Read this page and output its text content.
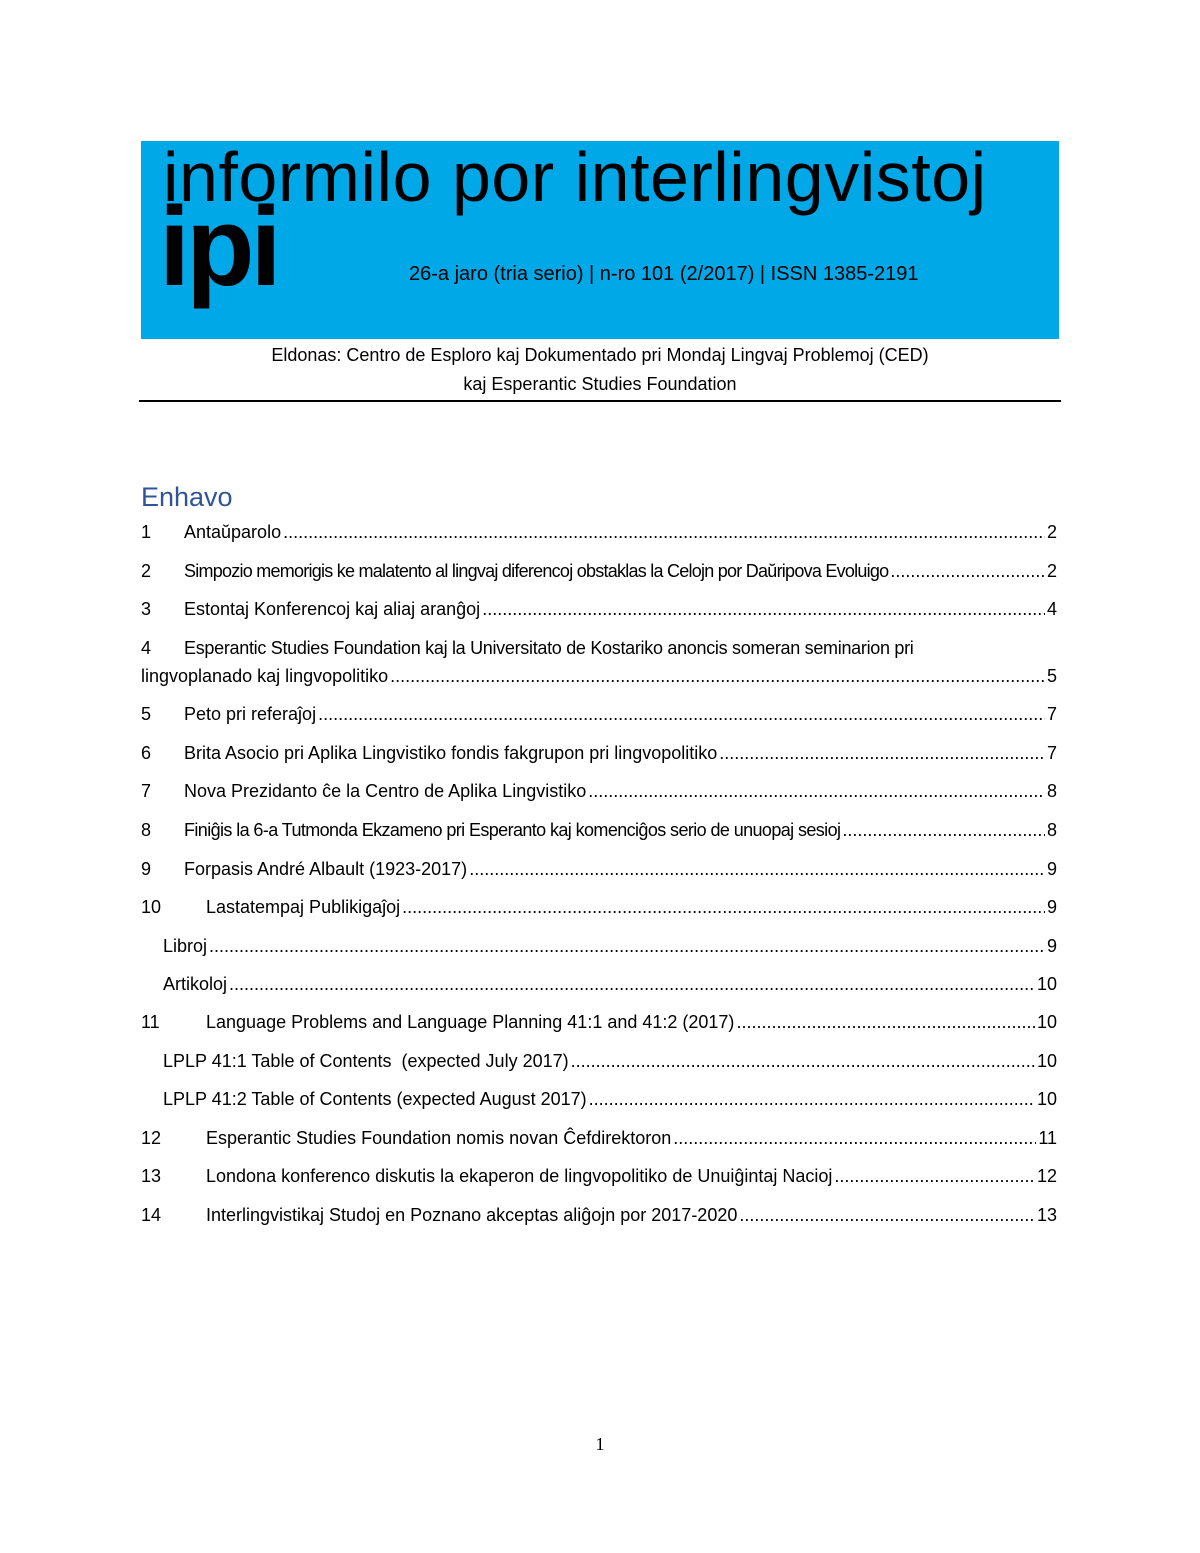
informilo por interlingvistoj
ipi	26-a jaro (tria serio) | n-ro 101 (2/2017) | ISSN 1385-2191
Eldonas: Centro de Esploro kaj Dokumentado pri Mondaj Lingvaj Problemoj (CED)
kaj Esperantic Studies Foundation
Enhavo
1	Antaŭparolo .....	2
2	Simpozio memorigis ke malatento al lingvaj diferencoj obstaklas la Celojn por Daŭripova Evoluigo .....	2
3	Estontaj Konferencoj kaj aliaj aranĝoj .....	4
4	Esperantic Studies Foundation kaj la Universitato de Kostariko anoncis someran seminarion pri
lingvoplanado kaj lingvopolitiko .....	5
5	Peto pri referaĵoj .....	7
6	Brita Asocio pri Aplika Lingvistiko fondis fakgrupon pri lingvopolitiko .....	7
7	Nova Prezidanto ĉe la Centro de Aplika Lingvistiko .....	8
8	Finiĝis la 6-a Tutmonda Ekzameno pri Esperanto kaj komenciĝos serio de unuopaj sesioj .....	8
9	Forpasis André Albault (1923-2017) .....	9
10	Lastatempaj Publikigaĵoj .....	9
Libroj .....	9
Artikoloj .....	10
11	Language Problems and Language Planning 41:1 and 41:2 (2017) .....	10
LPLP 41:1 Table of Contents  (expected July 2017) .....	10
LPLP 41:2 Table of Contents (expected August 2017) .....	10
12	Esperantic Studies Foundation nomis novan Ĉefdirektoron .....	11
13	Londona konferenco diskutis la ekaperon de lingvopolitiko de Unuiĝintaj Nacioj .....	12
14	Interlingvistikaj Studoj en Poznano akceptas aliĝojn por 2017-2020 .....	13
1
